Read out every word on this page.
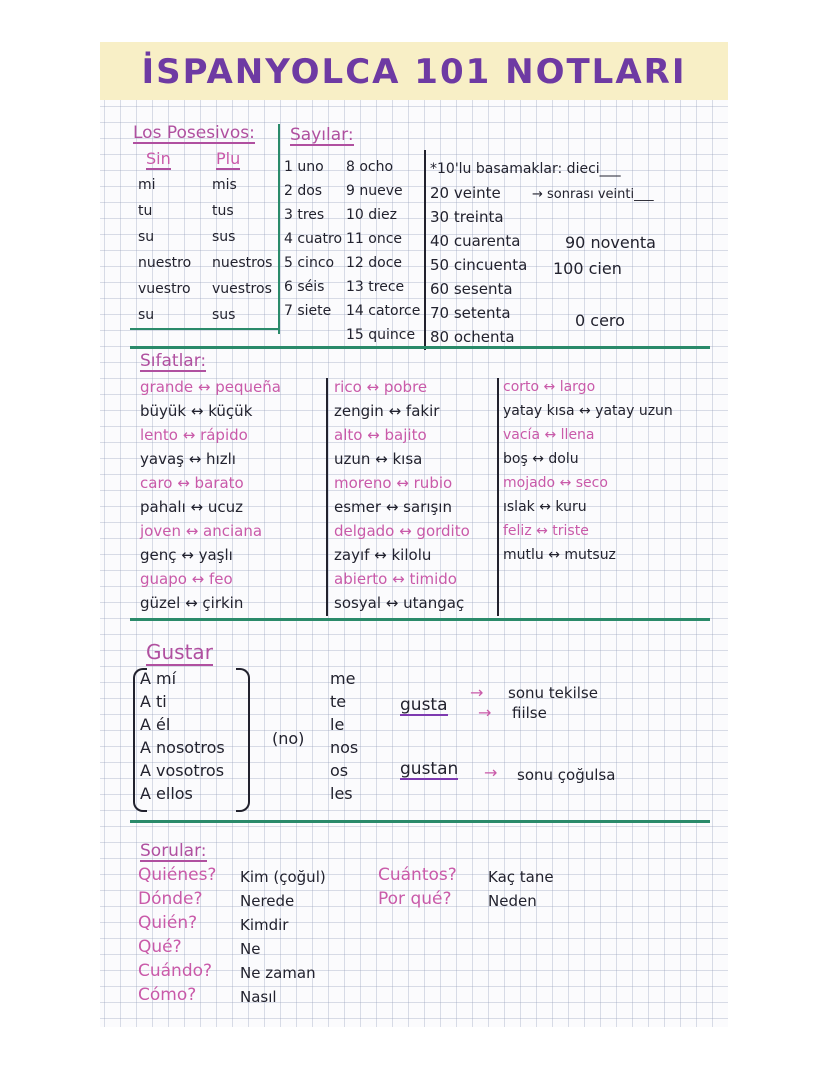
İSPANYOLCA 101 NOTLARI
Los Posesivos:
Sin	Plu
mi	mis
tu	tus
su	sus
nuestro nuestros
vuestro vuestros
su	sus
Sayılar:
1 uno
2 dos
3 tres
4 cuatro
5 cinco
6 séis
7 siete
8 ocho
9 nueve
10 diez
11 once
12 doce
13 trece
14 catorce
15 quince
*10'lu basamaklar: dieci___
→ sonrası veinti___
20 veinte
30 treinta
40 cuarenta
50 cincuenta
60 sesenta
70 setenta
80 ochenta
90 noventa
100 cien
0 cero
Sıfatlar:
grande ↔ pequeña
büyük ↔ küçük
lento ↔ rápido
yavaş ↔ hızlı
caro ↔ barato
pahalı ↔ ucuz
joven ↔ anciana
genç ↔ yaşlı
guapo ↔ feo
güzel ↔ çirkin
rico ↔ pobre
zengin ↔ fakir
alto ↔ bajito
uzun ↔ kısa
moreno ↔ rubio
esmer ↔ sarışın
delgado ↔ gordito
zayıf ↔ kilolu
abierto ↔ timido
sosyal ↔ utangaç
corto ↔ largo
yatay kısa ↔ yatay uzun
vacía ↔ llena
boş ↔ dolu
mojado ↔ seco
ıslak ↔ kuru
feliz ↔ triste
mutlu ↔ mutsuz
Gustar
A mí
A ti
A él
A nosotros
A vosotros
A ellos
(no)
me
te
le
nos
os
les
gusta
→ sonu tekilse
→ fiilse
gustan → sonu çoğulsa
Sorular:
Quiénes? Kim (çoğul)
Dónde? Nerede
Quién?	Kimdir
Qué?	Ne
Cuándo? Ne zaman
Cómo?	Nasıl
Cuántos? Kaç tane
Por qué? Neden
